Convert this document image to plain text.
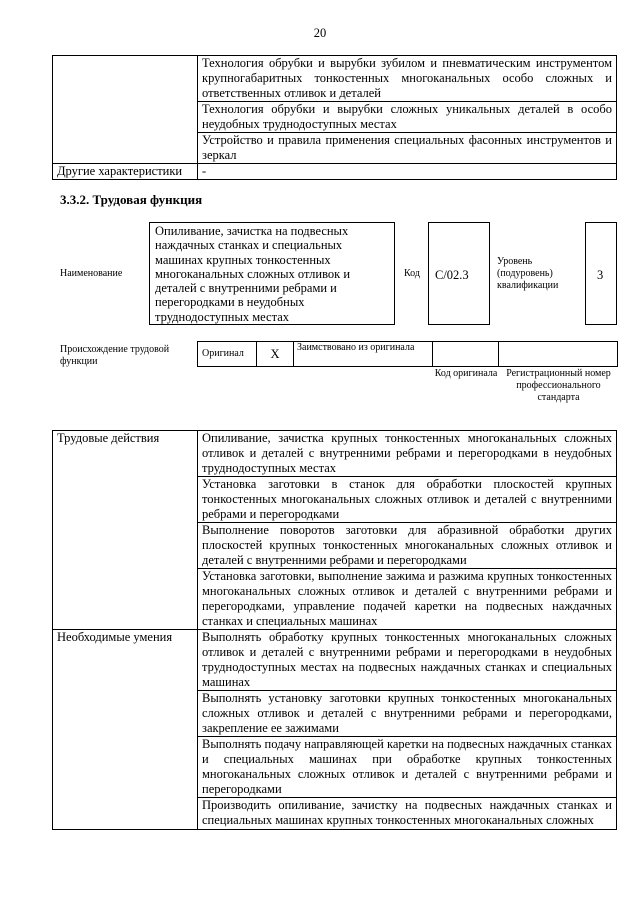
20
	Технология обрубки и вырубки зубилом и пневматическим инструментом крупногабаритных тонкостенных многоканальных особо сложных и ответственных отливок и деталей
	Технология обрубки и вырубки сложных уникальных деталей в особо неудобных труднодоступных местах
	Устройство и правила применения специальных фасонных инструментов и зеркал
Другие характеристики	-
3.3.2. Трудовая функция
Наименование
Опиливание, зачистка на подвесных наждачных станках и специальных машинах крупных тонкостенных многоканальных сложных отливок и деталей с внутренними ребрами и перегородками в неудобных труднодоступных местах
Код C/02.3
Уровень (подуровень) квалификации
3
Происхождение трудовой функции
Оригинал	X	Заимствовано из оригинала		
Код оригинала Регистрационный номер профессионального стандарта
Трудовые действия	Опиливание, зачистка крупных тонкостенных многоканальных сложных отливок и деталей с внутренними ребрами и перегородками в неудобных труднодоступных местах
	Установка заготовки в станок для обработки плоскостей крупных тонкостенных многоканальных сложных отливок и деталей с внутренними ребрами и перегородками
	Выполнение поворотов заготовки для абразивной обработки других плоскостей крупных тонкостенных многоканальных сложных отливок и деталей с внутренними ребрами и перегородками
	Установка заготовки, выполнение зажима и разжима крупных тонкостенных многоканальных сложных отливок и деталей с внутренними ребрами и перегородками, управление подачей каретки на подвесных наждачных станках и специальных машинах
Необходимые умения	Выполнять обработку крупных тонкостенных многоканальных сложных отливок и деталей с внутренними ребрами и перегородками в неудобных труднодоступных местах на подвесных наждачных станках и специальных машинах
	Выполнять установку заготовки крупных тонкостенных многоканальных сложных отливок и деталей с внутренними ребрами и перегородками, закрепление ее зажимами
	Выполнять подачу направляющей каретки на подвесных наждачных станках и специальных машинах при обработке крупных тонкостенных многоканальных сложных отливок и деталей с внутренними ребрами и перегородками
	Производить опиливание, зачистку на подвесных наждачных станках и специальных машинах крупных тонкостенных многоканальных сложных
